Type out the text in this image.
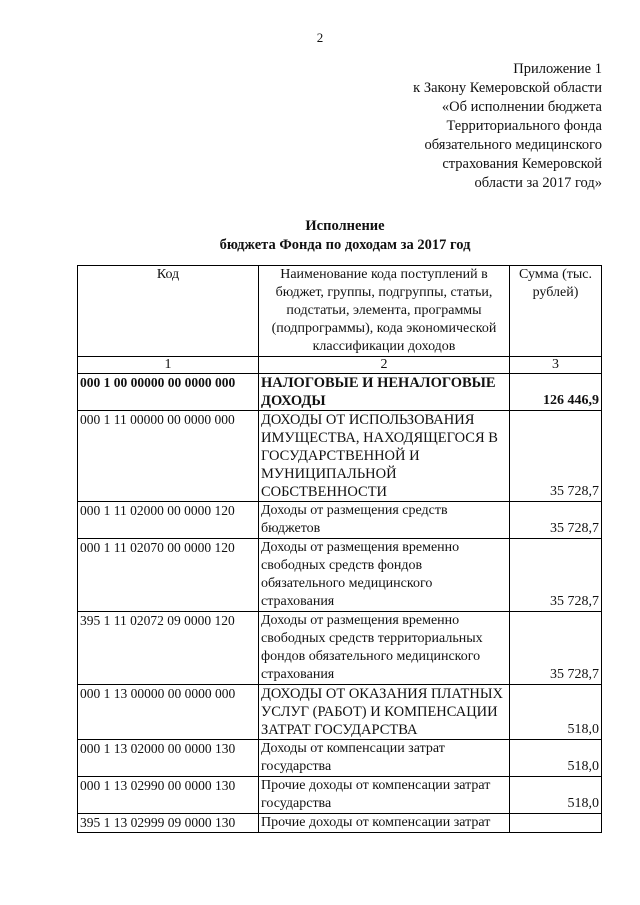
2
Приложение 1
к Закону Кемеровской области
«Об исполнении бюджета
Территориального фонда
обязательного медицинского
страхования Кемеровской
области за 2017 год»
Исполнение
бюджета Фонда по доходам за 2017 год
Код	Наименование кода поступлений в бюджет, группы, подгруппы, статьи, подстатьи, элемента, программы (подпрограммы), кода экономической классификации доходов	Сумма (тыс. рублей)
1	2	3
000 1 00 00000 00 0000 000	НАЛОГОВЫЕ И НЕНАЛОГОВЫЕ ДОХОДЫ	126 446,9
000 1 11 00000 00 0000 000	ДОХОДЫ ОТ ИСПОЛЬЗОВАНИЯ ИМУЩЕСТВА, НАХОДЯЩЕГОСЯ В ГОСУДАРСТВЕННОЙ И МУНИЦИПАЛЬНОЙ СОБСТВЕННОСТИ	35 728,7
000 1 11 02000 00 0000 120	Доходы от размещения средств бюджетов	35 728,7
000 1 11 02070 00 0000 120	Доходы от размещения временно свободных средств фондов обязательного медицинского страхования	35 728,7
395 1 11 02072 09 0000 120	Доходы от размещения временно свободных средств территориальных фондов обязательного медицинского страхования	35 728,7
000 1 13 00000 00 0000 000	ДОХОДЫ ОТ ОКАЗАНИЯ ПЛАТНЫХ УСЛУГ (РАБОТ) И КОМПЕНСАЦИИ ЗАТРАТ ГОСУДАРСТВА	518,0
000 1 13 02000 00 0000 130	Доходы от компенсации затрат государства	518,0
000 1 13 02990 00 0000 130	Прочие доходы от компенсации затрат государства	518,0
395 1 13 02999 09 0000 130	Прочие доходы от компенсации затрат	
